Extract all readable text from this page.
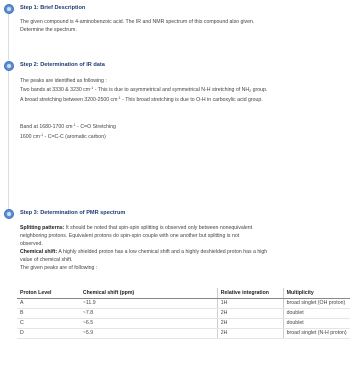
Step 1: Brief Description
The given compound is 4-aminobenzoic acid. The IR and NMR spectrum of this compound also given.
Determine the spectrum.
Step 2: Determination of IR data
The peaks are identified as following :
Two bands at 3330 & 3230 $cm^{-1}$ - This is due to asymmetrical and symmetrical N-H stretching of $NH_2$ group.
A broad stretching between 3200-2500 $cm^{-1}$ - This broad stretching is due to O-H in carboxylic acid group.
Band at 1680-1700 $cm^{-1} - C=O$ Stretching
1600 $cm^{-1} - C=C-C$ (aromatic carbon)
Step 3: Determination of PMR spectrum
Splitting patterns: It should be noted that spin-spin splitting is observed only between nonequivalent
neighboring protons. Equivalent protons do spin-spin couple with one another but splitting is not
observed.
Chemical shift: A highly shielded proton has a low chemical shift and a highly deshielded proton has a high
value of chemical shift.
The given peaks are of following :
Proton Level	Chemical shift (ppm)	Relative integration	Multiplicity
A	~11.9	1H	broad singlet (OH proton)
B	~7.8	2H	doublet
C	~6.5	2H	doublet
D	~5.9	2H	broad singlet (N-H proton)
